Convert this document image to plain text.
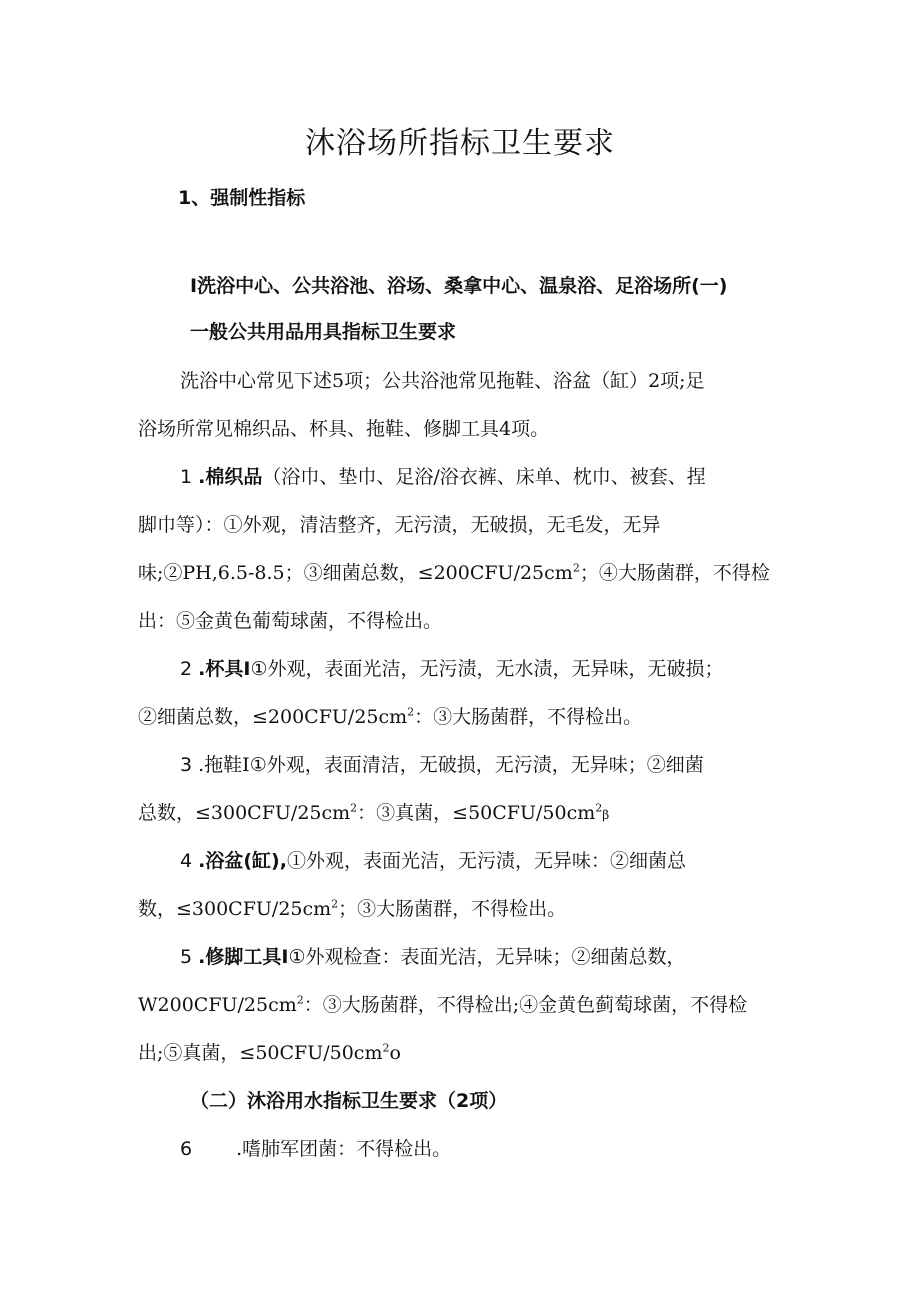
沐浴场所指标卫生要求
1、强制性指标
I洗浴中心、公共浴池、浴场、桑拿中心、温泉浴、足浴场所(一)
一般公共用品用具指标卫生要求
洗浴中心常见下述5项；公共浴池常见拖鞋、浴盆（缸）2项;足
浴场所常见棉织品、杯具、拖鞋、修脚工具4项。
1 .棉织品（浴巾、垫巾、足浴/浴衣裤、床单、枕巾、被套、捏
脚巾等）：①外观，清洁整齐，无污渍，无破损，无毛发，无异
味;②PH,6.5-8.5；③细菌总数，$\le 200CFU/25cm^2$；④大肠菌群，不得检
出：⑤金黄色葡萄球菌，不得检出。
2 .杯具I①外观，表面光洁，无污渍，无水渍，无异味，无破损；
②细菌总数，$\le 200CFU/25cm^2$：③大肠菌群，不得检出。
3 .拖鞋I①外观，表面清洁，无破损，无污渍，无异味；②细菌
总数，$\le 300CFU/25cm^2$：③真菌，$\le 50CFU/50cm^2\beta$
4 .浴盆(缸),①外观，表面光洁，无污渍，无异味：②细菌总
数，$\le 300CFU/25cm^2$；③大肠菌群，不得检出。
5 .修脚工具I①外观检查：表面光洁，无异味；②细菌总数，
$W200CFU/25cm^2$：③大肠菌群，不得检出;④金黄色蓟萄球菌，不得检
出;⑤真菌，$\le 50CFU/50cm^2o$
（二）沐浴用水指标卫生要求（2项）
6 .嗜肺军团菌：不得检出。
